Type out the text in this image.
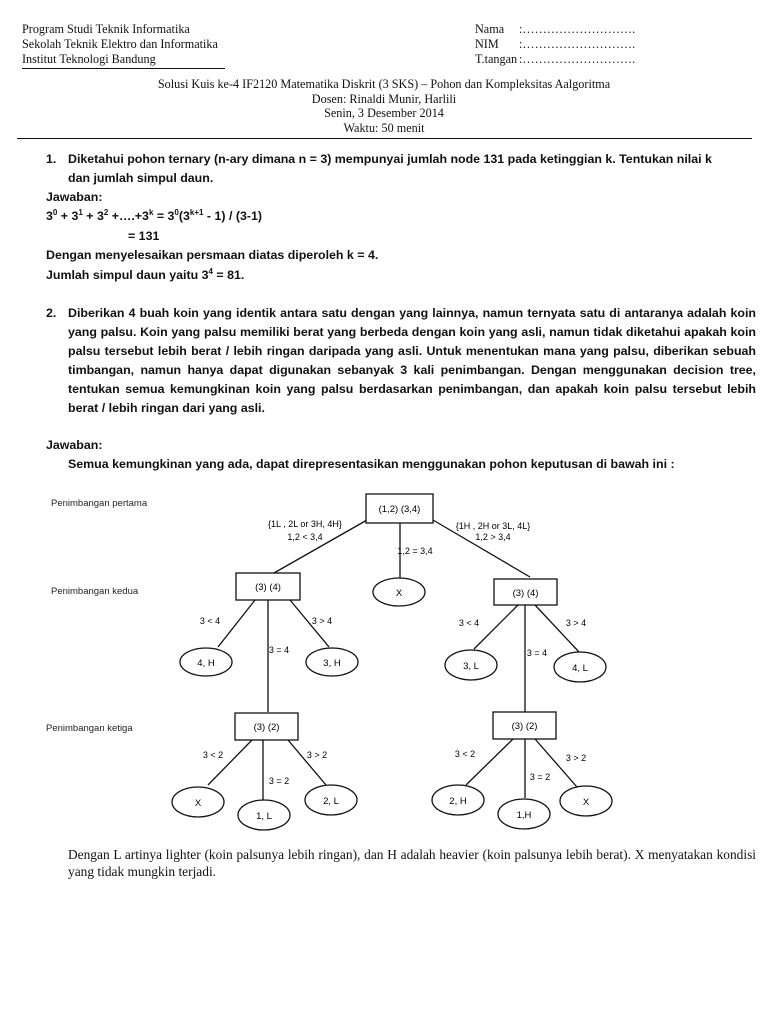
Program Studi Teknik Informatika
Sekolah Teknik Elektro dan Informatika
Institut Teknologi Bandung
Nama	:……………………….
NIM	:……………………….
T.tangan :……………………….
Solusi Kuis ke-4 IF2120 Matematika Diskrit (3 SKS) – Pohon dan Kompleksitas Aalgoritma
Dosen: Rinaldi Munir, Harlili
Senin, 3 Desember 2014
Waktu: 50 menit
1. Diketahui pohon ternary (n-ary dimana n = 3) mempunyai jumlah node 131 pada ketinggian k. Tentukan nilai k dan jumlah simpul daun.
Jawaban:
$3^0 + 3^1 + 3^2$ $+\dots.+3^k = 3^0(3^{k+1} - 1) / (3-1)$
= 131
Dengan menyelesaikan persmaan diatas diperoleh k = 4.
Jumlah simpul daun yaitu $3^4 = 81$.
2. Diberikan 4 buah koin yang identik antara satu dengan yang lainnya, namun ternyata satu di antaranya adalah koin yang palsu. Koin yang palsu memiliki berat yang berbeda dengan koin yang asli, namun tidak diketahui apakah koin palsu tersebut lebih berat / lebih ringan daripada yang asli. Untuk menentukan mana yang palsu, diberikan sebuah timbangan, namun hanya dapat digunakan sebanyak 3 kali penimbangan. Dengan menggunakan decision tree, tentukan semua kemungkinan koin yang palsu berdasarkan penimbangan, dan apakah koin palsu tersebut lebih berat / lebih ringan dari yang asli.
Jawaban:
Semua kemungkinan yang ada, dapat direpresentasikan menggunakan pohon keputusan di bawah ini :
Penimbangan pertama
Penimbangan kedua
Penimbangan ketiga
(1,2) (3,4)
{1L , 2L or 3H, 4H}
1,2 < 3,4
1,2 = 3,4
{1H , 2H or 3L, 4L}
1,2 > 3,4
X
(3) (4)
(3) (4)
3 < 4
3 = 4
3 > 4	3 < 4
3 = 4
3 > 4
4, H	3, H	3, L	4, L
(3) (2)	(3) (2)
3 < 2
3 = 2
3 > 2	3 < 2
3 = 2
3 > 2
X
1, L
2, L	2, H
1,H
X
Dengan L artinya lighter (koin palsunya lebih ringan), dan H adalah heavier (koin palsunya lebih berat). X menyatakan kondisi yang tidak mungkin terjadi.
